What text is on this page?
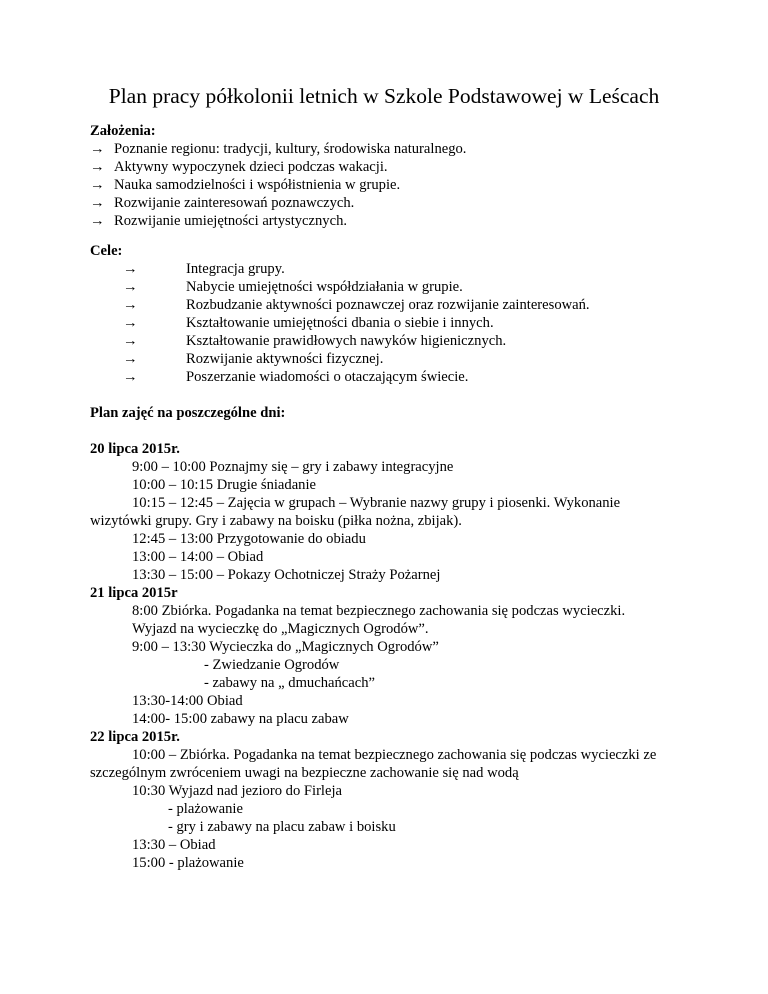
Plan pracy półkolonii letnich w Szkole Podstawowej w Leścach
Założenia:
→ Poznanie regionu: tradycji, kultury, środowiska naturalnego.
→ Aktywny wypoczynek dzieci podczas wakacji.
→ Nauka samodzielności i współistnienia w grupie.
→ Rozwijanie zainteresowań poznawczych.
→ Rozwijanie umiejętności artystycznych.
Cele:
→	Integracja grupy.
→	Nabycie umiejętności współdziałania w grupie.
→	Rozbudzanie aktywności poznawczej oraz rozwijanie zainteresowań.
→	Kształtowanie umiejętności dbania o siebie i innych.
→	Kształtowanie prawidłowych nawyków higienicznych.
→	Rozwijanie aktywności fizycznej.
→	Poszerzanie wiadomości o otaczającym świecie.
Plan zajęć na poszczególne dni:
20 lipca 2015r.
9:00 – 10:00 Poznajmy się – gry i zabawy integracyjne
10:00 – 10:15 Drugie śniadanie
10:15 – 12:45 – Zajęcia w grupach – Wybranie nazwy grupy i piosenki. Wykonanie wizytówki grupy. Gry i zabawy na boisku (piłka nożna, zbijak).
12:45 – 13:00 Przygotowanie do obiadu
13:00 – 14:00 – Obiad
13:30 – 15:00 – Pokazy Ochotniczej Straży Pożarnej
21 lipca 2015r
8:00 Zbiórka. Pogadanka na temat bezpiecznego zachowania się podczas wycieczki.
Wyjazd na wycieczkę do „Magicznych Ogrodów”.
9:00 – 13:30 Wycieczka do „Magicznych Ogrodów”
- Zwiedzanie Ogrodów
- zabawy na „ dmuchańcach”
13:30-14:00 Obiad
14:00- 15:00 zabawy na placu zabaw
22 lipca 2015r.
10:00 – Zbiórka. Pogadanka na temat bezpiecznego zachowania się podczas wycieczki ze szczególnym zwróceniem uwagi na bezpieczne zachowanie się nad wodą
10:30 Wyjazd nad jezioro do Firleja
- plażowanie
- gry i zabawy na placu zabaw i boisku
13:30 – Obiad
15:00 - plażowanie
